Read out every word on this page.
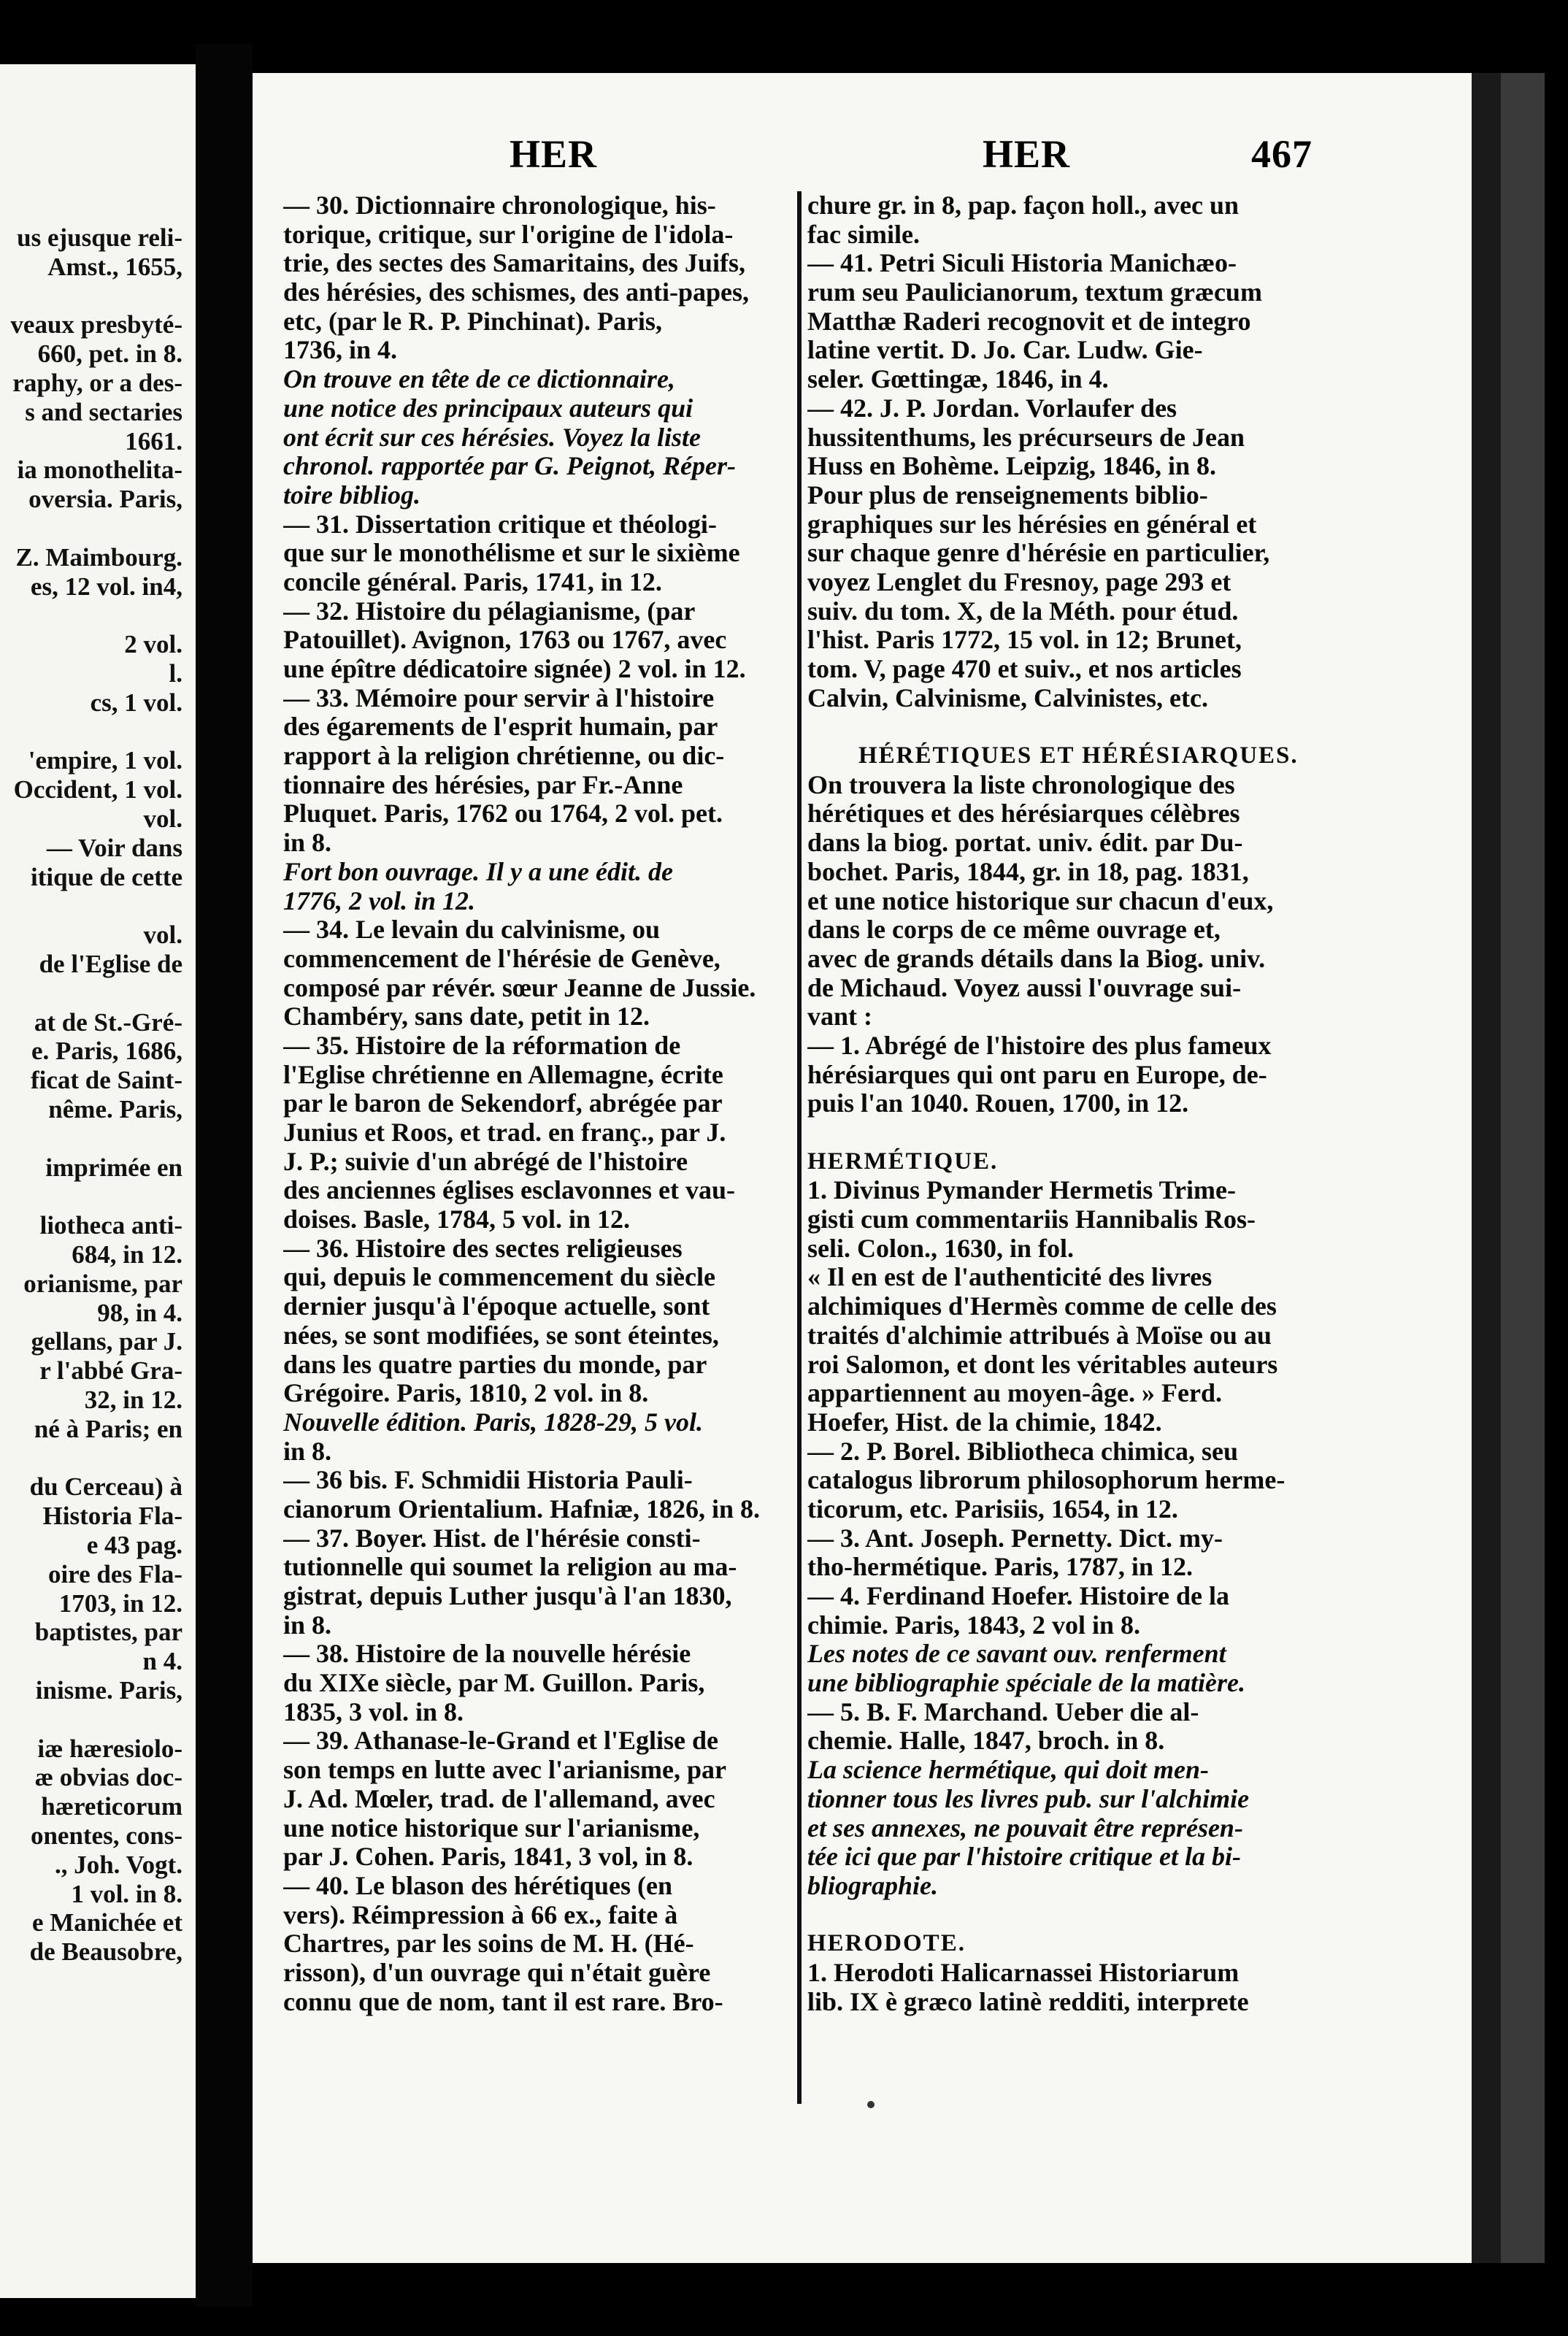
us ejusque reli-
Amst., 1655,
veaux presbyté-
660, pet. in 8.
raphy, or a des-
s and sectaries
1661.
ia monothelita-
oversia. Paris,
Z. Maimbourg.
es, 12 vol. in4,
2 vol.
l.
cs, 1 vol.
'empire, 1 vol.
Occident, 1 vol.
vol.
— Voir dans
itique de cette
vol.
de l'Eglise de
at de St.-Gré-
e. Paris, 1686,
ficat de Saint-
nême. Paris,
imprimée en
liotheca anti-
684, in 12.
orianisme, par
98, in 4.
gellans, par J.
r l'abbé Gra-
32, in 12.
né à Paris; en
du Cerceau) à
Historia Fla-
e 43 pag.
oire des Fla-
1703, in 12.
baptistes, par
n 4.
inisme. Paris,
iæ hæresiolo-
æ obvias doc-
hæreticorum
onentes, cons-
., Joh. Vogt.
1 vol. in 8.
e Manichée et
de Beausobre,
HER	HER	467
— 30. Dictionnaire chronologique, his-
torique, critique, sur l'origine de l'idola-
trie, des sectes des Samaritains, des Juifs,
des hérésies, des schismes, des anti-papes,
etc, (par le R. P. Pinchinat). Paris,
1736, in 4.
On trouve en tête de ce dictionnaire,
une notice des principaux auteurs qui
ont écrit sur ces hérésies. Voyez la liste
chronol. rapportée par G. Peignot, Réper-
toire bibliog.
— 31. Dissertation critique et théologi-
que sur le monothélisme et sur le sixième
concile général. Paris, 1741, in 12.
— 32. Histoire du pélagianisme, (par
Patouillet). Avignon, 1763 ou 1767, avec
une épître dédicatoire signée) 2 vol. in 12.
— 33. Mémoire pour servir à l'histoire
des égarements de l'esprit humain, par
rapport à la religion chrétienne, ou dic-
tionnaire des hérésies, par Fr.-Anne
Pluquet. Paris, 1762 ou 1764, 2 vol. pet.
in 8.
Fort bon ouvrage. Il y a une édit. de
1776, 2 vol. in 12.
— 34. Le levain du calvinisme, ou
commencement de l'hérésie de Genève,
composé par révér. sœur Jeanne de Jussie.
Chambéry, sans date, petit in 12.
— 35. Histoire de la réformation de
l'Eglise chrétienne en Allemagne, écrite
par le baron de Sekendorf, abrégée par
Junius et Roos, et trad. en franç., par J.
J. P.; suivie d'un abrégé de l'histoire
des anciennes églises esclavonnes et vau-
doises. Basle, 1784, 5 vol. in 12.
— 36. Histoire des sectes religieuses
qui, depuis le commencement du siècle
dernier jusqu'à l'époque actuelle, sont
nées, se sont modifiées, se sont éteintes,
dans les quatre parties du monde, par
Grégoire. Paris, 1810, 2 vol. in 8.
Nouvelle édition. Paris, 1828-29, 5 vol.
in 8.
— 36 bis. F. Schmidii Historia Pauli-
cianorum Orientalium. Hafniæ, 1826, in 8.
— 37. Boyer. Hist. de l'hérésie consti-
tutionnelle qui soumet la religion au ma-
gistrat, depuis Luther jusqu'à l'an 1830,
in 8.
— 38. Histoire de la nouvelle hérésie
du XIXe siècle, par M. Guillon. Paris,
1835, 3 vol. in 8.
— 39. Athanase-le-Grand et l'Eglise de
son temps en lutte avec l'arianisme, par
J. Ad. Mœler, trad. de l'allemand, avec
une notice historique sur l'arianisme,
par J. Cohen. Paris, 1841, 3 vol, in 8.
— 40. Le blason des hérétiques (en
vers). Réimpression à 66 ex., faite à
Chartres, par les soins de M. H. (Hé-
risson), d'un ouvrage qui n'était guère
connu que de nom, tant il est rare. Bro-
chure gr. in 8, pap. façon holl., avec un
fac simile.
— 41. Petri Siculi Historia Manichæo-
rum seu Paulicianorum, textum græcum
Matthæ Raderi recognovit et de integro
latine vertit. D. Jo. Car. Ludw. Gie-
seler. Gœttingæ, 1846, in 4.
— 42. J. P. Jordan. Vorlaufer des
hussitenthums, les précurseurs de Jean
Huss en Bohème. Leipzig, 1846, in 8.
Pour plus de renseignements biblio-
graphiques sur les hérésies en général et
sur chaque genre d'hérésie en particulier,
voyez Lenglet du Fresnoy, page 293 et
suiv. du tom. X, de la Méth. pour étud.
l'hist. Paris 1772, 15 vol. in 12; Brunet,
tom. V, page 470 et suiv., et nos articles
Calvin, Calvinisme, Calvinistes, etc.
HÉRÉTIQUES ET HÉRÉSIARQUES.
On trouvera la liste chronologique des
hérétiques et des hérésiarques célèbres
dans la biog. portat. univ. édit. par Du-
bochet. Paris, 1844, gr. in 18, pag. 1831,
et une notice historique sur chacun d'eux,
dans le corps de ce même ouvrage et,
avec de grands détails dans la Biog. univ.
de Michaud. Voyez aussi l'ouvrage sui-
vant :
— 1. Abrégé de l'histoire des plus fameux
hérésiarques qui ont paru en Europe, de-
puis l'an 1040. Rouen, 1700, in 12.
HERMÉTIQUE.
1. Divinus Pymander Hermetis Trime-
gisti cum commentariis Hannibalis Ros-
seli. Colon., 1630, in fol.
« Il en est de l'authenticité des livres
alchimiques d'Hermès comme de celle des
traités d'alchimie attribués à Moïse ou au
roi Salomon, et dont les véritables auteurs
appartiennent au moyen-âge. » Ferd.
Hoefer, Hist. de la chimie, 1842.
— 2. P. Borel. Bibliotheca chimica, seu
catalogus librorum philosophorum herme-
ticorum, etc. Parisiis, 1654, in 12.
— 3. Ant. Joseph. Pernetty. Dict. my-
tho-hermétique. Paris, 1787, in 12.
— 4. Ferdinand Hoefer. Histoire de la
chimie. Paris, 1843, 2 vol in 8.
Les notes de ce savant ouv. renferment
une bibliographie spéciale de la matière.
— 5. B. F. Marchand. Ueber die al-
chemie. Halle, 1847, broch. in 8.
La science hermétique, qui doit men-
tionner tous les livres pub. sur l'alchimie
et ses annexes, ne pouvait être représen-
tée ici que par l'histoire critique et la bi-
bliographie.
HERODOTE.
1. Herodoti Halicarnassei Historiarum
lib. IX è græco latinè redditi, interprete
